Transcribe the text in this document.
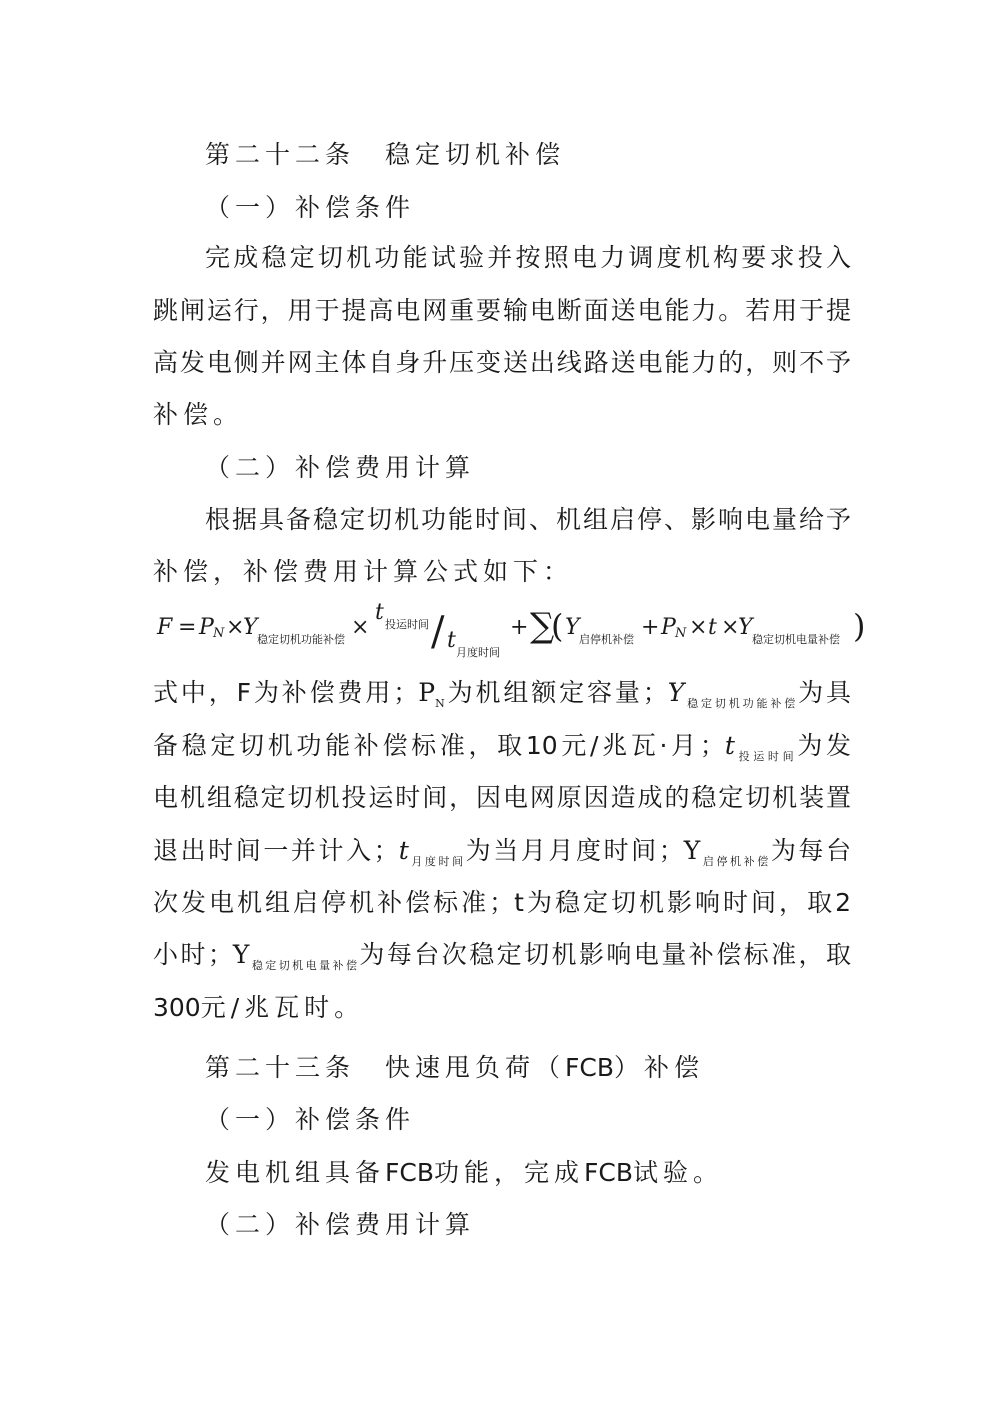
第二十二条　稳定切机补偿
（一）补偿条件
完成稳定切机功能试验并按照电力调度机构要求投入
跳闸运行，用于提高电网重要输电断面送电能力。若用于提
高发电侧并网主体自身升压变送出线路送电能力的，则不予
补偿。
（二）补偿费用计算
根据具备稳定切机功能时间、机组启停、影响电量给予
补偿，补偿费用计算公式如下：
F = P N ×
Y 稳定切机功能补偿 ×
t 投运时间 / t 月度时间
+ ∑
( Y 启停机补偿 + P N × t ×
Y 稳定切机电量补偿 )
式中，F为补偿费用；$P_N$为机组额定容量；$Y_{稳定切机功能补偿}$为具
备稳定切机功能补偿标准，取10元/兆瓦·月；$t_{投运时间}$为发
电机组稳定切机投运时间，因电网原因造成的稳定切机装置
退出时间一并计入；$t_{月度时间}$为当月月度时间；$Y_{启停机补偿}$为每台
次发电机组启停机补偿标准；t为稳定切机影响时间，取2
小时；$Y_{稳定切机电量补偿}$为每台次稳定切机影响电量补偿标准，取
300元/兆瓦时。
第二十三条　快速甩负荷（FCB）补偿
（一）补偿条件
发电机组具备FCB功能，完成FCB试验。
（二）补偿费用计算
